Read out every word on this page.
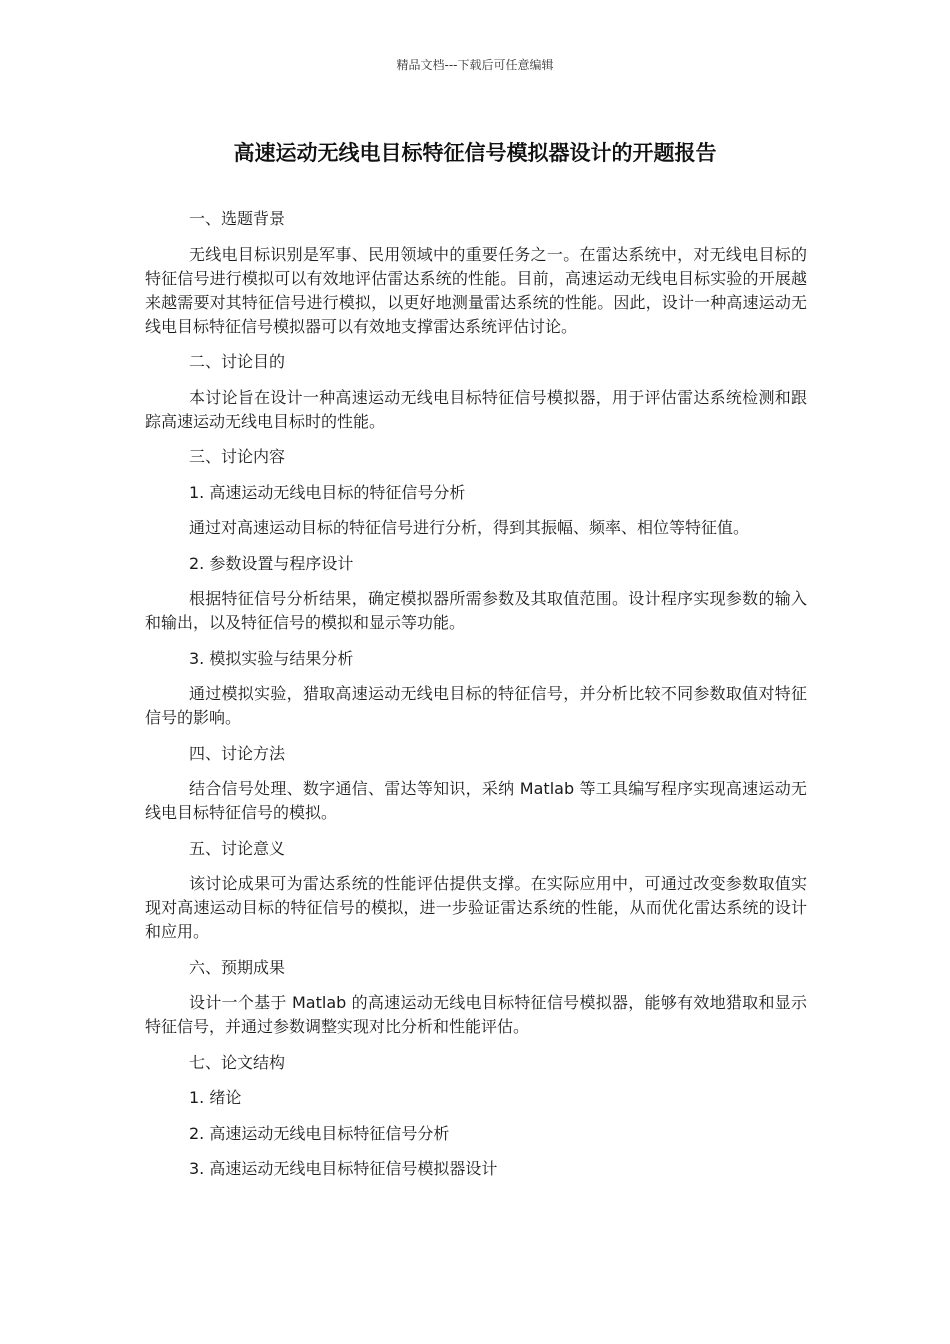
精品文档---下载后可任意编辑
高速运动无线电目标特征信号模拟器设计的开题报告

一、选题背景

无线电目标识别是军事、民用领域中的重要任务之一。在雷达系统中，对无线电目标的特征信号进行模拟可以有效地评估雷达系统的性能。目前，高速运动无线电目标实验的开展越来越需要对其特征信号进行模拟，以更好地测量雷达系统的性能。因此，设计一种高速运动无线电目标特征信号模拟器可以有效地支撑雷达系统评估讨论。

二、讨论目的

本讨论旨在设计一种高速运动无线电目标特征信号模拟器，用于评估雷达系统检测和跟踪高速运动无线电目标时的性能。

三、讨论内容

1. 高速运动无线电目标的特征信号分析

通过对高速运动目标的特征信号进行分析，得到其振幅、频率、相位等特征值。

2. 参数设置与程序设计

根据特征信号分析结果，确定模拟器所需参数及其取值范围。设计程序实现参数的输入和输出，以及特征信号的模拟和显示等功能。

3. 模拟实验与结果分析

通过模拟实验，猎取高速运动无线电目标的特征信号，并分析比较不同参数取值对特征信号的影响。

四、讨论方法

结合信号处理、数字通信、雷达等知识，采纳 Matlab 等工具编写程序实现高速运动无线电目标特征信号的模拟。

五、讨论意义

该讨论成果可为雷达系统的性能评估提供支撑。在实际应用中，可通过改变参数取值实现对高速运动目标的特征信号的模拟，进一步验证雷达系统的性能，从而优化雷达系统的设计和应用。

六、预期成果

设计一个基于 Matlab 的高速运动无线电目标特征信号模拟器，能够有效地猎取和显示特征信号，并通过参数调整实现对比分析和性能评估。

七、论文结构

1. 绪论

2. 高速运动无线电目标特征信号分析

3. 高速运动无线电目标特征信号模拟器设计
